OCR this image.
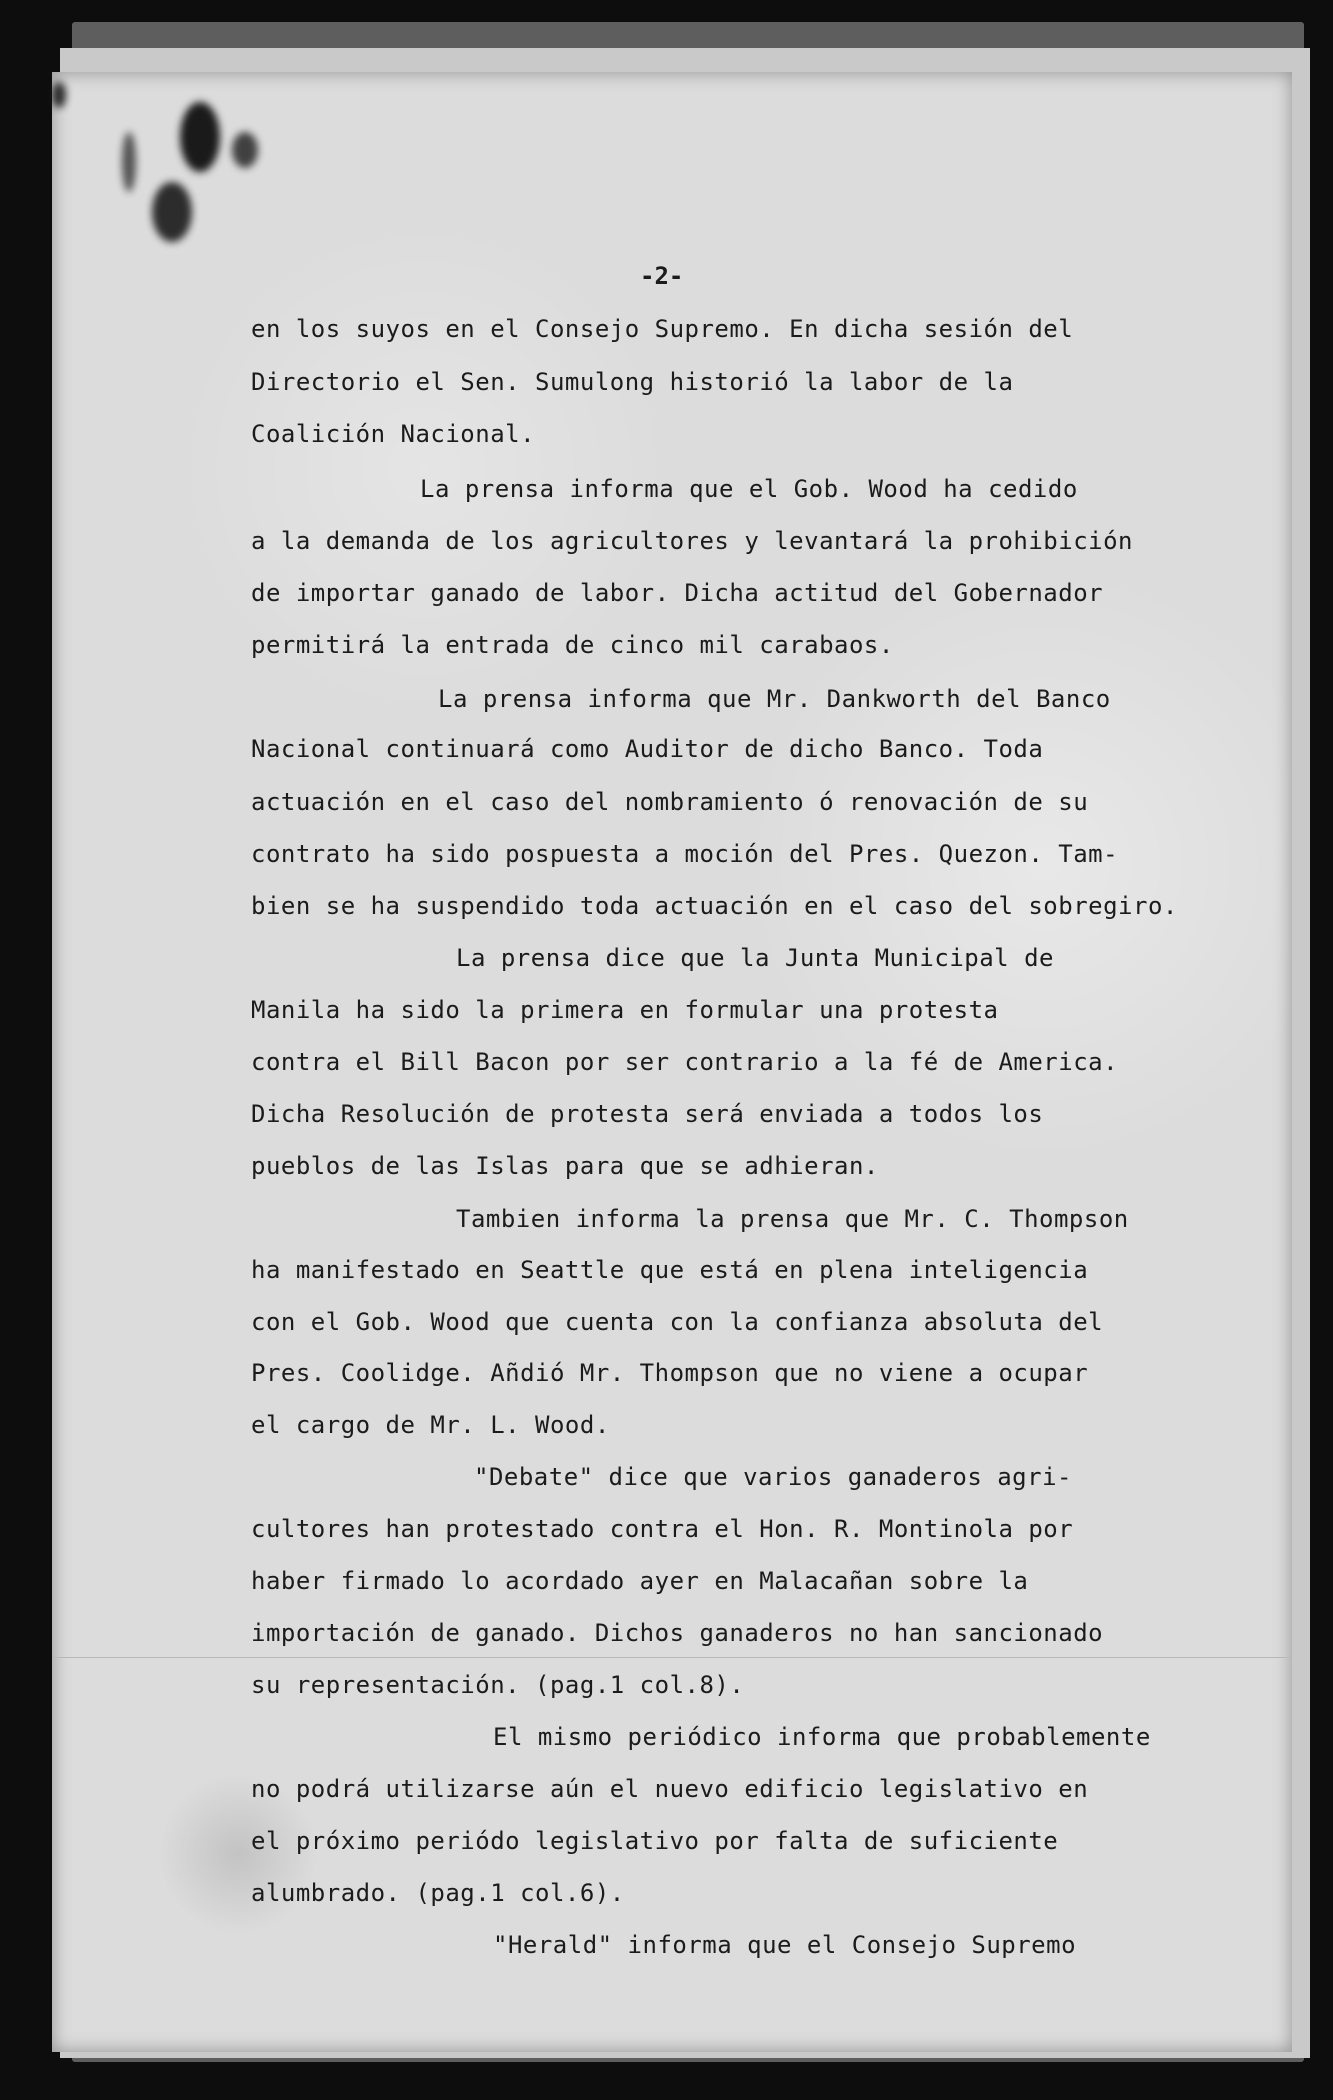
-2-
en los suyos en el Consejo Supremo. En dicha sesión del
Directorio el Sen. Sumulong historió la labor de la
Coalición Nacional.
La prensa informa que el Gob. Wood ha cedido
a la demanda de los agricultores y levantará la prohibición
de importar ganado de labor. Dicha actitud del Gobernador
permitirá la entrada de cinco mil carabaos.
La prensa informa que Mr. Dankworth del Banco
Nacional continuará como Auditor de dicho Banco. Toda
actuación en el caso del nombramiento ó renovación de su
contrato ha sido pospuesta a moción del Pres. Quezon. Tam-
bien se ha suspendido toda actuación en el caso del sobregiro.
La prensa dice que la Junta Municipal de
Manila ha sido la primera en formular una protesta
contra el Bill Bacon por ser contrario a la fé de America.
Dicha Resolución de protesta será enviada a todos los
pueblos de las Islas para que se adhieran.
Tambien informa la prensa que Mr. C. Thompson
ha manifestado en Seattle que está en plena inteligencia
con el Gob. Wood que cuenta con la confianza absoluta del
Pres. Coolidge. Añdió Mr. Thompson que no viene a ocupar
el cargo de Mr. L. Wood.
"Debate" dice que varios ganaderos agri-
cultores han protestado contra el Hon. R. Montinola por
haber firmado lo acordado ayer en Malacañan sobre la
importación de ganado. Dichos ganaderos no han sancionado
su representación. (pag.1 col.8).
El mismo periódico informa que probablemente
no podrá utilizarse aún el nuevo edificio legislativo en
el próximo periódo legislativo por falta de suficiente
alumbrado. (pag.1 col.6).
"Herald" informa que el Consejo Supremo
